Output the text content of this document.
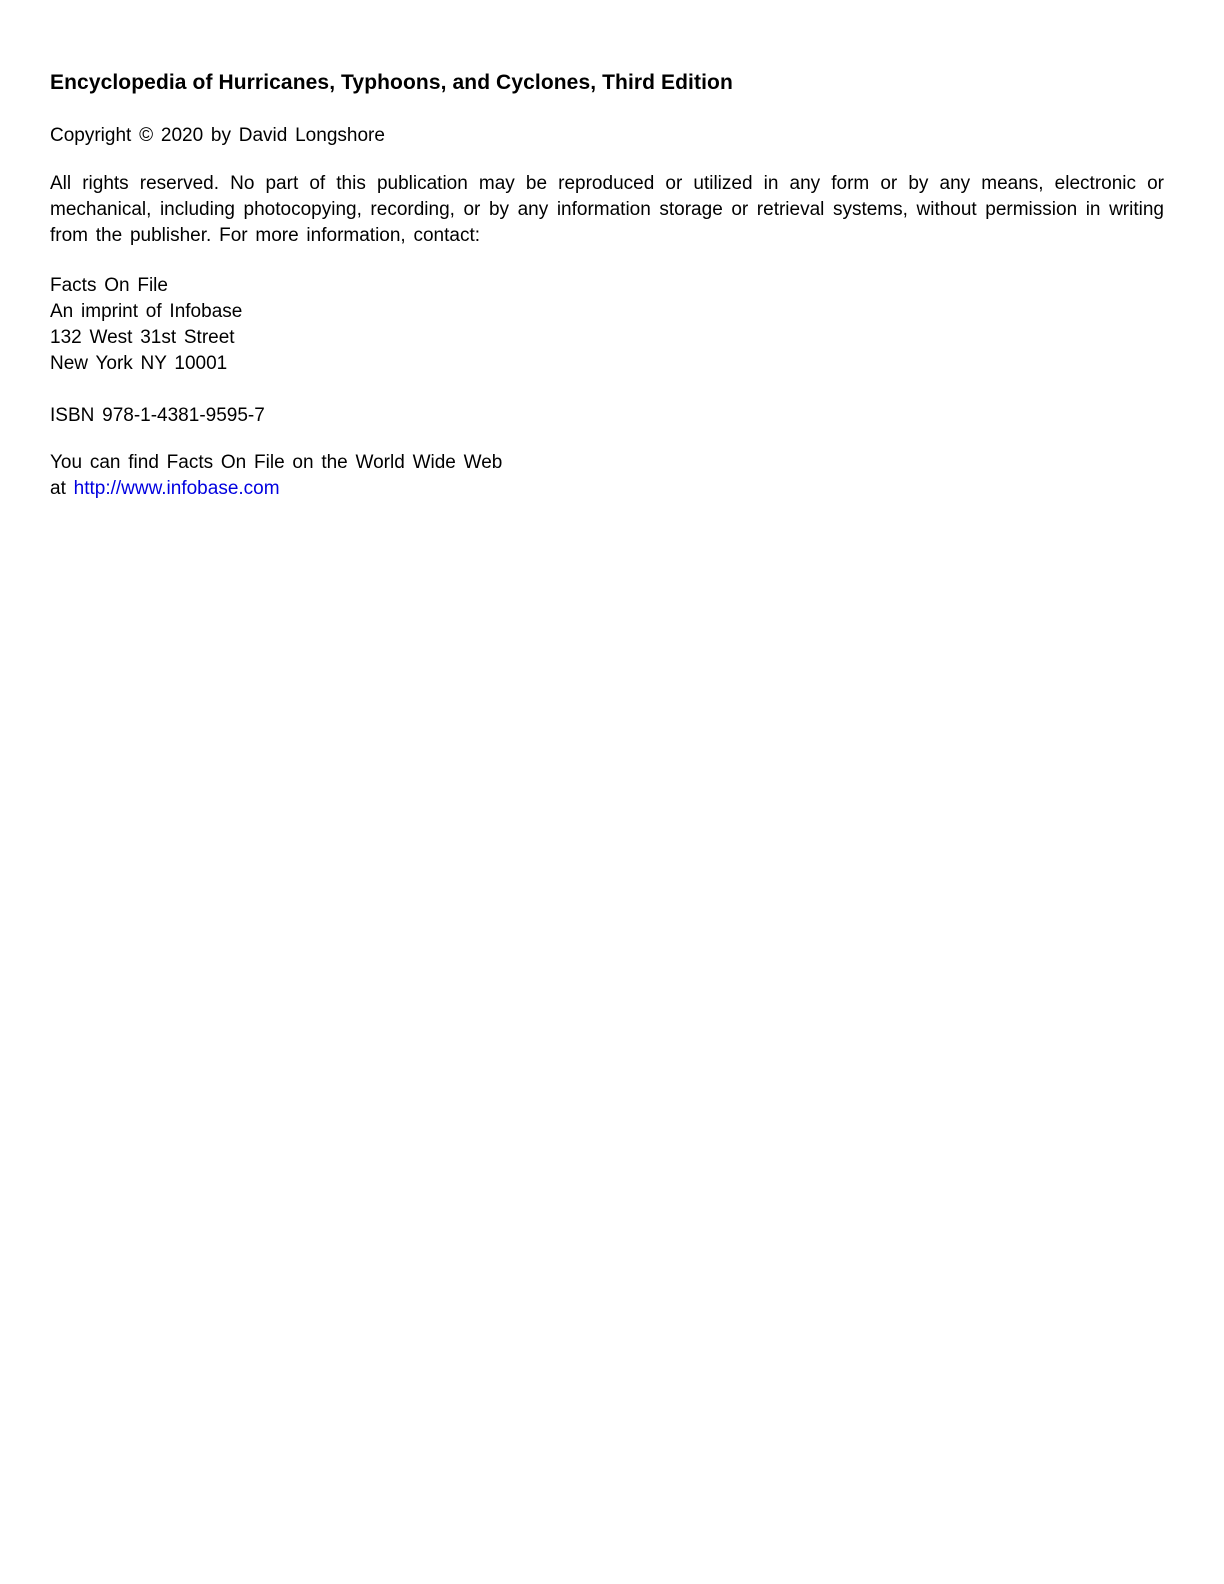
Encyclopedia of Hurricanes, Typhoons, and Cyclones, Third Edition
Copyright © 2020 by David Longshore
All rights reserved. No part of this publication may be reproduced or utilized in any form or by any means, electronic or mechanical, including photocopying, recording, or by any information storage or retrieval systems, without permission in writing from the publisher. For more information, contact:
Facts On File
An imprint of Infobase
132 West 31st Street
New York NY 10001
ISBN 978-1-4381-9595-7
You can find Facts On File on the World Wide Web
at http://www.infobase.com
